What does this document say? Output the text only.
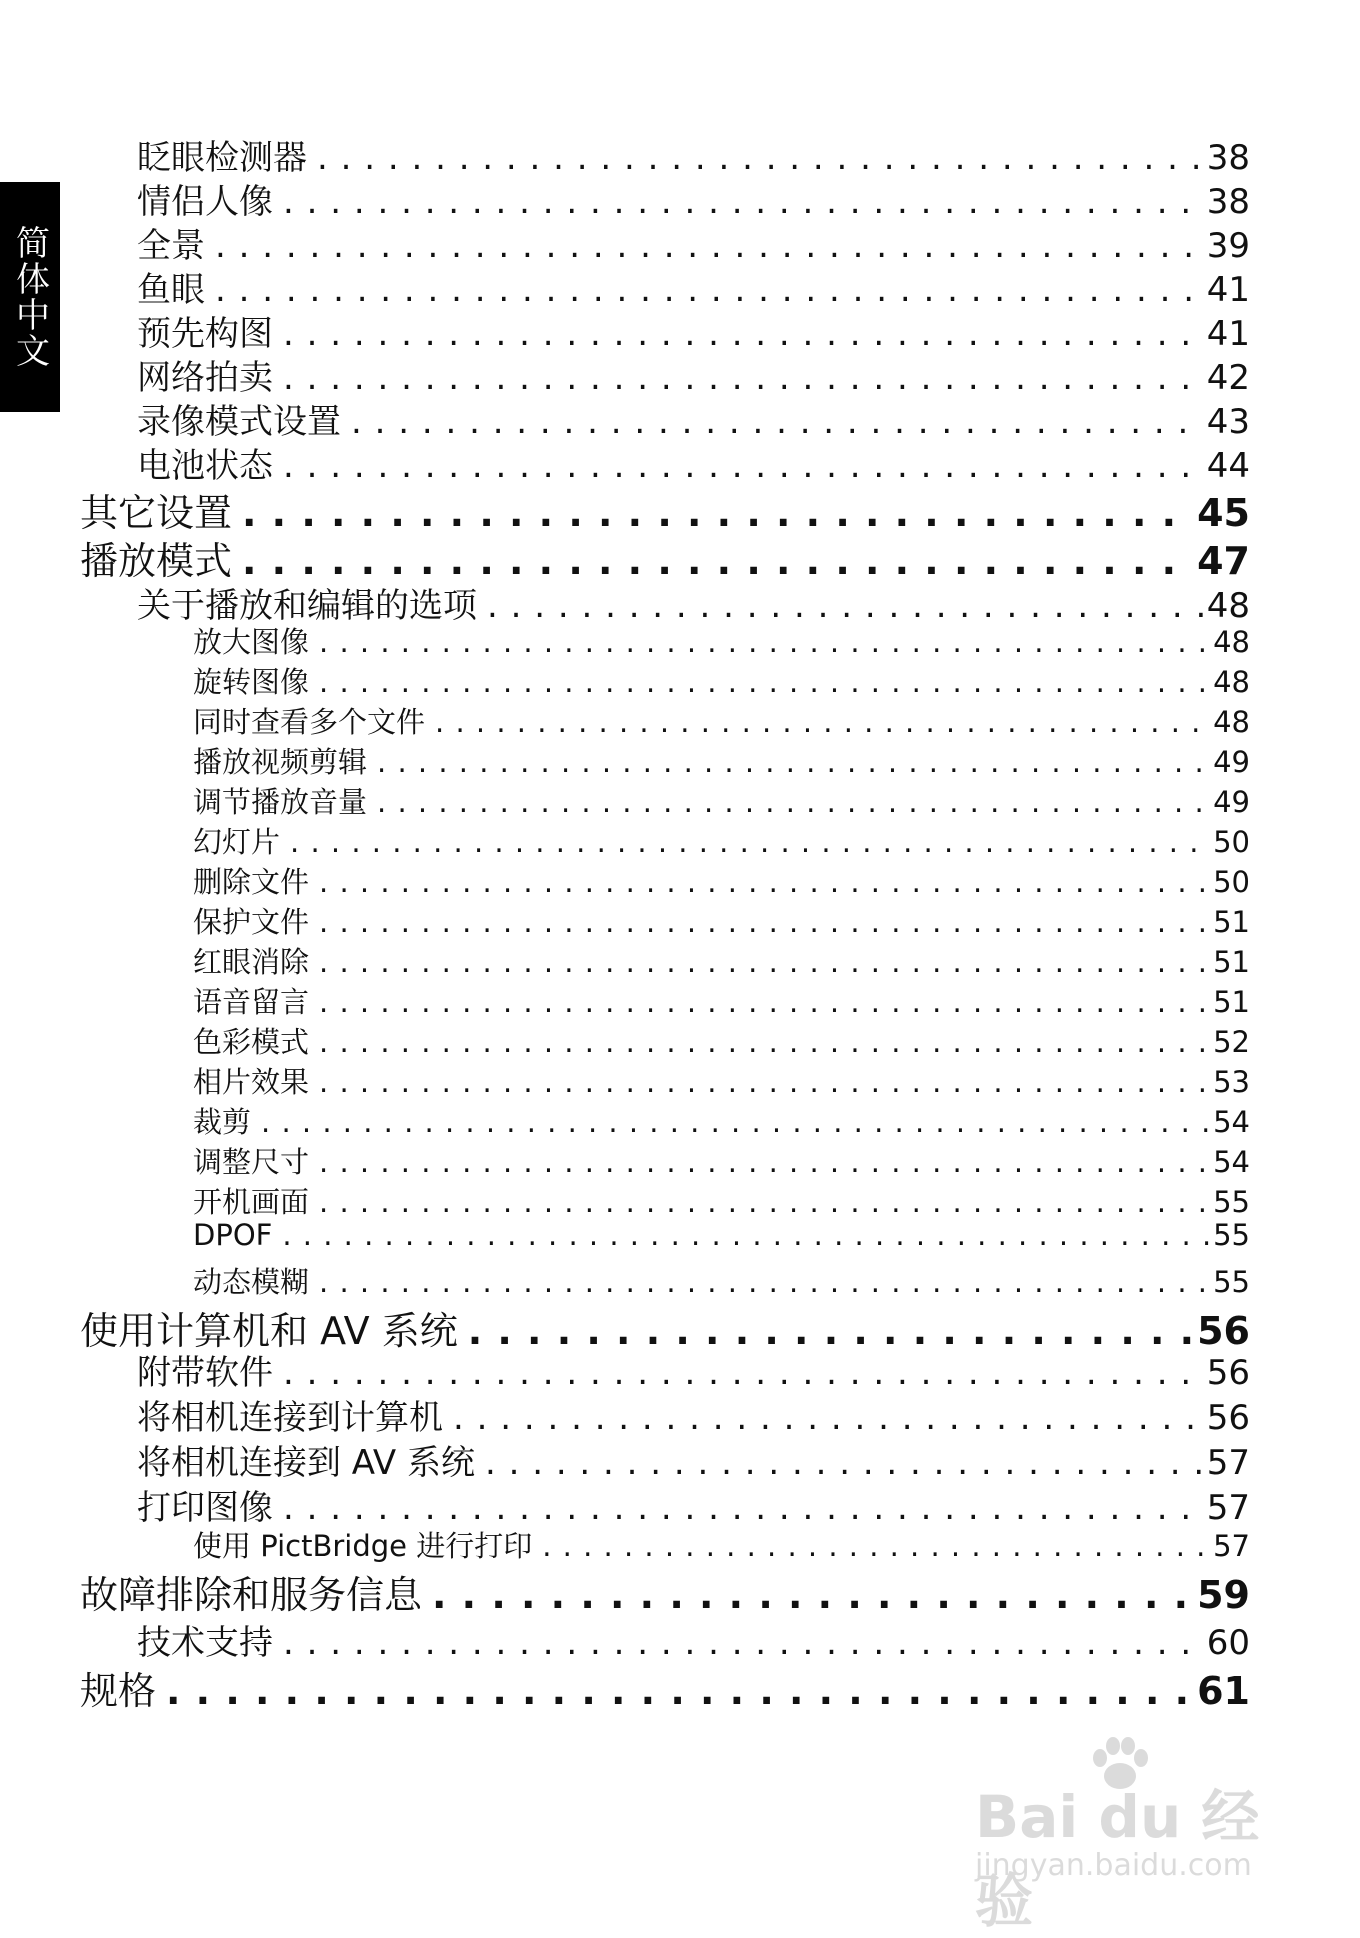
简体中文
眨眼检测器 . . .	38
情侣人像 . . .	38
全景 . . .	39
鱼眼 . . .	41
预先构图 . . .	41
网络拍卖 . . .	42
录像模式设置 . . .	43
电池状态 . . .	44
其它设置 . . .	45
播放模式 . . .	47
关于播放和编辑的选项 . . .	48
放大图像 . . .	48
旋转图像 . . .	48
同时查看多个文件 . . .	48
播放视频剪辑 . . .	49
调节播放音量 . . .	49
幻灯片 . . .	50
删除文件 . . .	50
保护文件 . . .	51
红眼消除 . . .	51
语音留言 . . .	51
色彩模式 . . .	52
相片效果 . . .	53
裁剪 . . .	54
调整尺寸 . . .	54
开机画面 . . .	55
DPOF . . .	55
动态模糊 . . .	55
使用计算机和 AV 系统 . . .	56
附带软件 . . .	56
将相机连接到计算机 . . .	56
将相机连接到 AV 系统 . . .	57
打印图像 . . .	57
使用 PictBridge 进行打印 . . .	57
故障排除和服务信息 . . .	59
技术支持 . . .	60
规格 . . .	61
Bai du 经验
jingyan.baidu.com
